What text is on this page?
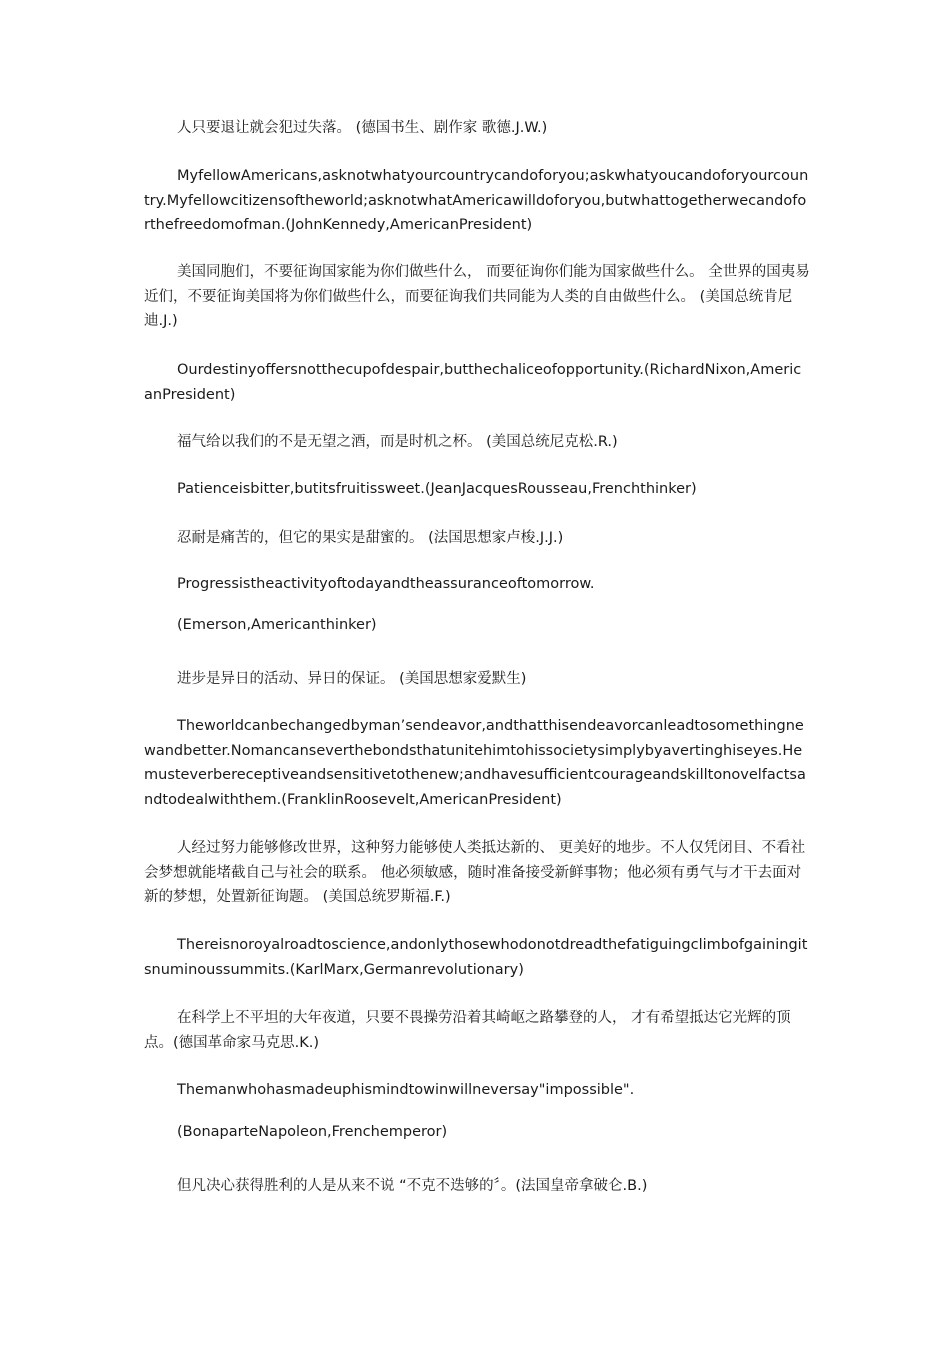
人只要退让就会犯过失落。 (德国书生、剧作家 歌德.J.W.)

MyfellowAmericans,asknotwhatyourcountrycandoforyou;askwhatyoucandoforyourcountry.Myfellowcitizensoftheworld;asknotwhatAmericawilldoforyou,butwhattogetherwecandoforthefreedomofman.(JohnKennedy,AmericanPresident)

美国同胞们，不要征询国家能为你们做些什么， 而要征询你们能为国家做些什么。 全世界的国夷易近们，不要征询美国将为你们做些什么，而要征询我们共同能为人类的自由做些什么。 (美国总统肯尼迪.J.)

Ourdestinyoffersnotthecupofdespair,butthechaliceofopportunity.(RichardNixon,AmericanPresident)

福气给以我们的不是无望之酒，而是时机之杯。 (美国总统尼克松.R.)

Patienceisbitter,butitsfruitissweet.(JeanJacquesRousseau,Frenchthinker)

忍耐是痛苦的，但它的果实是甜蜜的。 (法国思想家卢梭.J.J.)

Progressistheactivityoftodayandtheassuranceoftomorrow.

(Emerson,Americanthinker)

进步是异日的活动、异日的保证。 (美国思想家爱默生)

Theworldcanbechangedbyman’sendeavor,andthatthisendeavorcanleadtosomethingnewandbetter.Nomancanseverthebondsthatunitehimtohissocietysimplybyavertinghiseyes.Hemusteverbereceptiveandsensitivetothenew;andhavesufficientcourageandskilltonovelfactsandtodealwiththem.(FranklinRoosevelt,AmericanPresident)

人经过努力能够修改世界，这种努力能够使人类抵达新的、 更美好的地步。不人仅凭闭目、不看社会梦想就能堵截自己与社会的联系。 他必须敏感，随时准备接受新鲜事物；他必须有勇气与才干去面对新的梦想，处置新征询题。 (美国总统罗斯福.F.)

Thereisnoroyalroadtoscience,andonlythosewhodonotdreadthefatiguingclimbofgainingitsnuminoussummits.(KarlMarx,Germanrevolutionary)

在科学上不平坦的大年夜道，只要不畏操劳沿着其崎岖之路攀登的人， 才有希望抵达它光辉的顶点。(德国革命家马克思.K.)

Themanwhohasmadeuphismindtowinwillneversay"impossible".

(BonaparteNapoleon,Frenchemperor)

但凡决心获得胜利的人是从来不说 “不克不迭够的〞。(法国皇帝拿破仑.B.)
